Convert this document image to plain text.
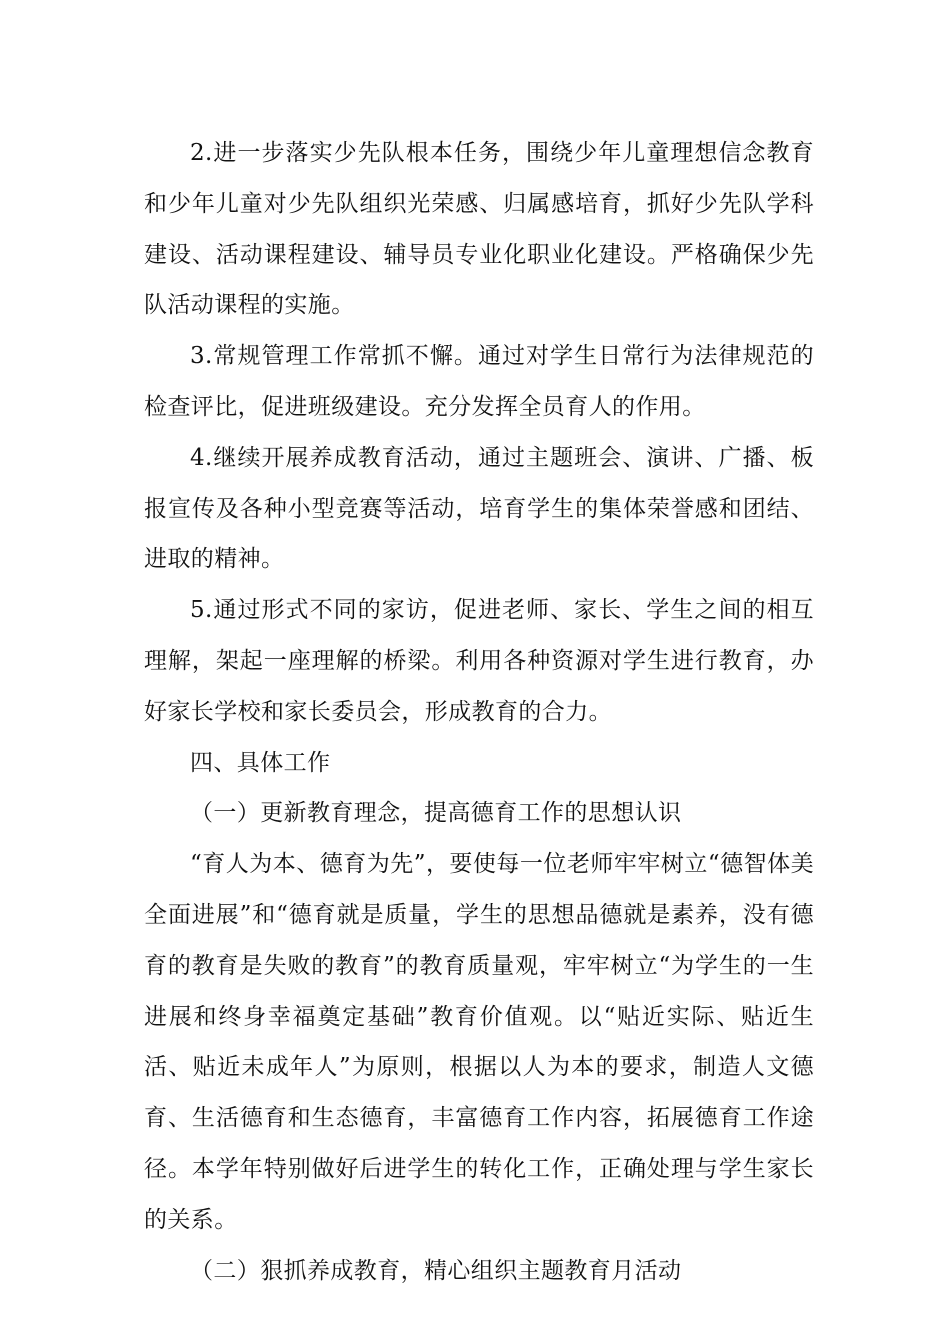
2.进一步落实少先队根本任务，围绕少年儿童理想信念教育和少年儿童对少先队组织光荣感、归属感培育，抓好少先队学科建设、活动课程建设、辅导员专业化职业化建设。严格确保少先队活动课程的实施。

3.常规管理工作常抓不懈。通过对学生日常行为法律规范的检查评比，促进班级建设。充分发挥全员育人的作用。

4.继续开展养成教育活动，通过主题班会、演讲、广播、板报宣传及各种小型竞赛等活动，培育学生的集体荣誉感和团结、进取的精神。

5.通过形式不同的家访，促进老师、家长、学生之间的相互理解，架起一座理解的桥梁。利用各种资源对学生进行教育，办好家长学校和家长委员会，形成教育的合力。

四、具体工作

（一）更新教育理念，提高德育工作的思想认识

“育人为本、德育为先”，要使每一位老师牢牢树立“德智体美全面进展”和“德育就是质量，学生的思想品德就是素养，没有德育的教育是失败的教育”的教育质量观，牢牢树立“为学生的一生进展和终身幸福奠定基础”教育价值观。以“贴近实际、贴近生活、贴近未成年人”为原则，根据以人为本的要求，制造人文德育、生活德育和生态德育，丰富德育工作内容，拓展德育工作途径。本学年特别做好后进学生的转化工作，正确处理与学生家长的关系。

（二）狠抓养成教育，精心组织主题教育月活动
